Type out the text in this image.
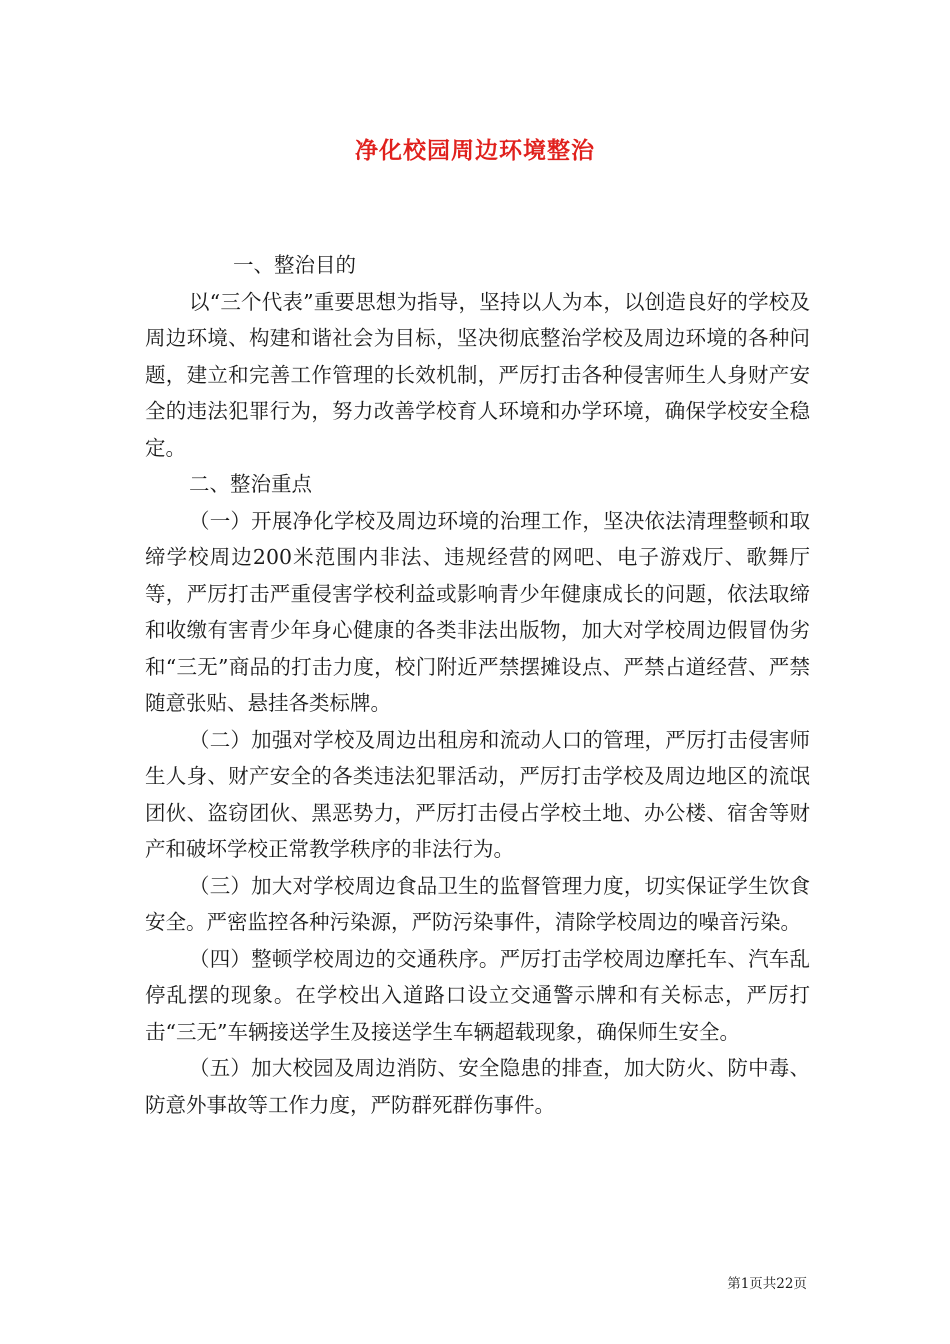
净化校园周边环境整治

一、整治目的

以“三个代表”重要思想为指导，坚持以人为本，以创造良好的学校及周边环境、构建和谐社会为目标，坚决彻底整治学校及周边环境的各种问题，建立和完善工作管理的长效机制，严厉打击各种侵害师生人身财产安全的违法犯罪行为，努力改善学校育人环境和办学环境，确保学校安全稳定。

二、整治重点

（一）开展净化学校及周边环境的治理工作，坚决依法清理整顿和取缔学校周边200米范围内非法、违规经营的网吧、电子游戏厅、歌舞厅等，严厉打击严重侵害学校利益或影响青少年健康成长的问题，依法取缔和收缴有害青少年身心健康的各类非法出版物，加大对学校周边假冒伪劣和“三无”商品的打击力度，校门附近严禁摆摊设点、严禁占道经营、严禁随意张贴、悬挂各类标牌。

（二）加强对学校及周边出租房和流动人口的管理，严厉打击侵害师生人身、财产安全的各类违法犯罪活动，严厉打击学校及周边地区的流氓团伙、盗窃团伙、黑恶势力，严厉打击侵占学校土地、办公楼、宿舍等财产和破坏学校正常教学秩序的非法行为。

（三）加大对学校周边食品卫生的监督管理力度，切实保证学生饮食安全。严密监控各种污染源，严防污染事件，清除学校周边的噪音污染。

（四）整顿学校周边的交通秩序。严厉打击学校周边摩托车、汽车乱停乱摆的现象。在学校出入道路口设立交通警示牌和有关标志，严厉打击“三无”车辆接送学生及接送学生车辆超载现象，确保师生安全。

（五）加大校园及周边消防、安全隐患的排查，加大防火、防中毒、防意外事故等工作力度，严防群死群伤事件。

第1页共22页
